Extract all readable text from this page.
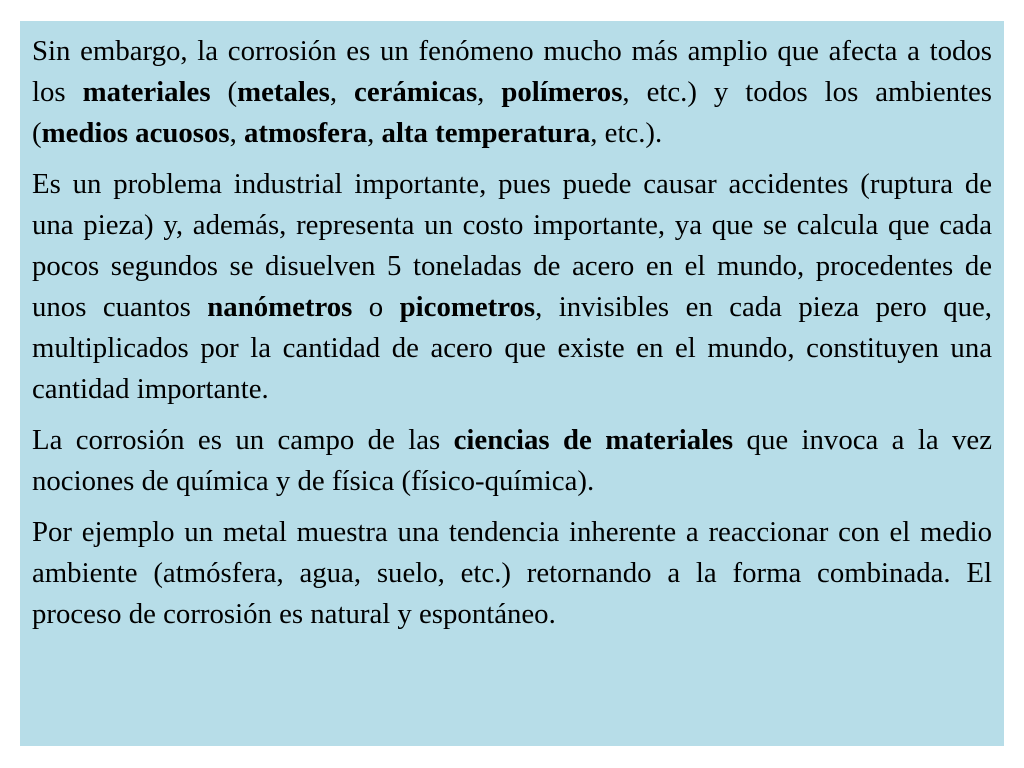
Sin embargo, la corrosión es un fenómeno mucho más amplio que afecta a todos los materiales (metales, cerámicas, polímeros, etc.) y todos los ambientes (medios acuosos, atmosfera, alta temperatura, etc.).

Es un problema industrial importante, pues puede causar accidentes (ruptura de una pieza) y, además, representa un costo importante, ya que se calcula que cada pocos segundos se disuelven 5 toneladas de acero en el mundo, procedentes de unos cuantos nanómetros o picometros, invisibles en cada pieza pero que, multiplicados por la cantidad de acero que existe en el mundo, constituyen una cantidad importante.

La corrosión es un campo de las ciencias de materiales que invoca a la vez nociones de química y de física (físico-química).

Por ejemplo un metal muestra una tendencia inherente a reaccionar con el medio ambiente (atmósfera, agua, suelo, etc.) retornando a la forma combinada. El proceso de corrosión es natural y espontáneo.
